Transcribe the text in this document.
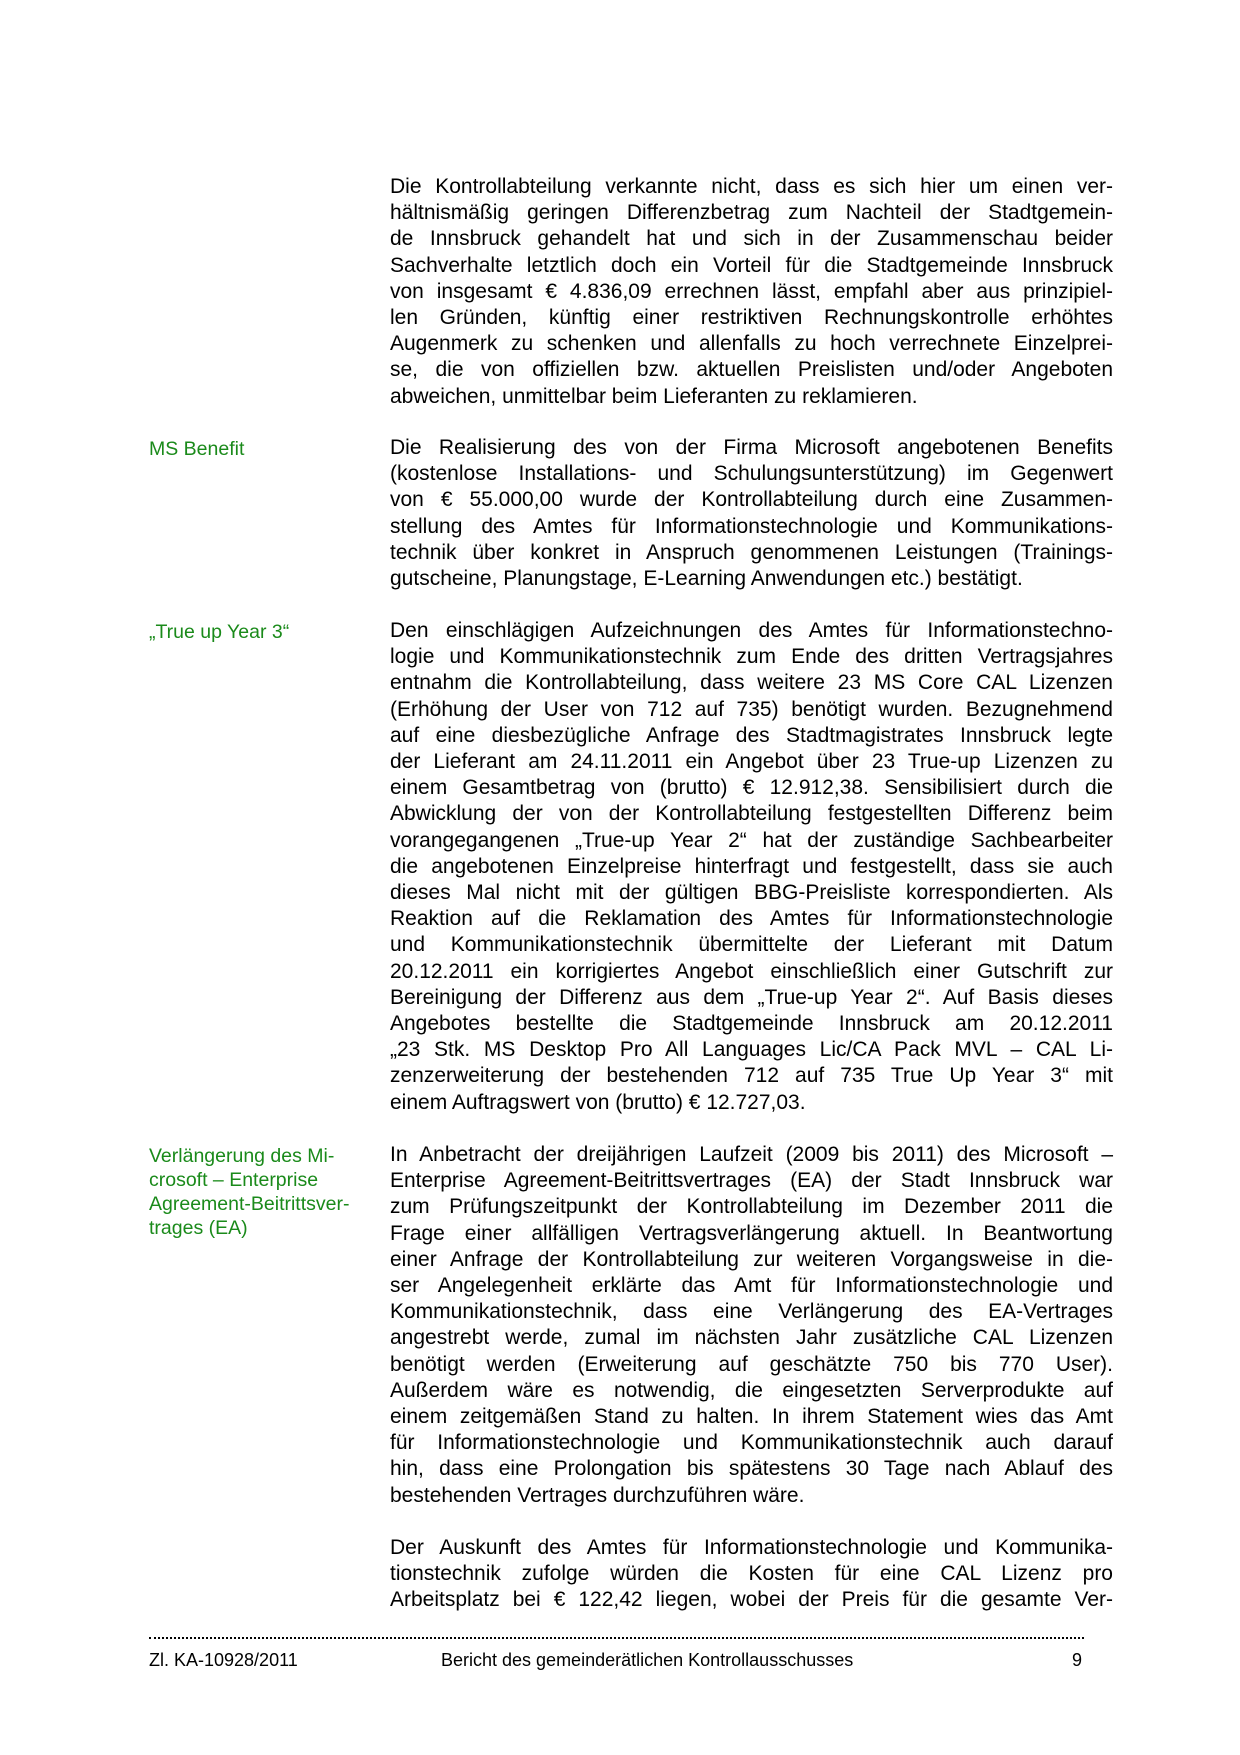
Die Kontrollabteilung verkannte nicht, dass es sich hier um einen ver-
hältnismäßig geringen Differenzbetrag zum Nachteil der Stadtgemein-
de Innsbruck gehandelt hat und sich in der Zusammenschau beider
Sachverhalte letztlich doch ein Vorteil für die Stadtgemeinde Innsbruck
von insgesamt € 4.836,09 errechnen lässt, empfahl aber aus prinzipiel-
len Gründen, künftig einer restriktiven Rechnungskontrolle erhöhtes
Augenmerk zu schenken und allenfalls zu hoch verrechnete Einzelprei-
se, die von offiziellen bzw. aktuellen Preislisten und/oder Angeboten
abweichen, unmittelbar beim Lieferanten zu reklamieren.
MS Benefit	Die Realisierung des von der Firma Microsoft angebotenen Benefits
(kostenlose Installations- und Schulungsunterstützung) im Gegenwert
von € 55.000,00 wurde der Kontrollabteilung durch eine Zusammen-
stellung des Amtes für Informationstechnologie und Kommunikations-
technik über konkret in Anspruch genommenen Leistungen (Trainings-
gutscheine, Planungstage, E-Learning Anwendungen etc.) bestätigt.
„True up Year 3“	Den einschlägigen Aufzeichnungen des Amtes für Informationstechno-
logie und Kommunikationstechnik zum Ende des dritten Vertragsjahres
entnahm die Kontrollabteilung, dass weitere 23 MS Core CAL Lizenzen
(Erhöhung der User von 712 auf 735) benötigt wurden. Bezugnehmend
auf eine diesbezügliche Anfrage des Stadtmagistrates Innsbruck legte
der Lieferant am 24.11.2011 ein Angebot über 23 True-up Lizenzen zu
einem Gesamtbetrag von (brutto) € 12.912,38. Sensibilisiert durch die
Abwicklung der von der Kontrollabteilung festgestellten Differenz beim
vorangegangenen „True-up Year 2“ hat der zuständige Sachbearbeiter
die angebotenen Einzelpreise hinterfragt und festgestellt, dass sie auch
dieses Mal nicht mit der gültigen BBG-Preisliste korrespondierten. Als
Reaktion auf die Reklamation des Amtes für Informationstechnologie
und Kommunikationstechnik übermittelte der Lieferant mit Datum
20.12.2011 ein korrigiertes Angebot einschließlich einer Gutschrift zur
Bereinigung der Differenz aus dem „True-up Year 2“. Auf Basis dieses
Angebotes bestellte die Stadtgemeinde Innsbruck am 20.12.2011
„23 Stk. MS Desktop Pro All Languages Lic/CA Pack MVL – CAL Li-
zenzerweiterung der bestehenden 712 auf 735 True Up Year 3“ mit
einem Auftragswert von (brutto) € 12.727,03.
Verlängerung des Mi-
crosoft – Enterprise
Agreement-Beitrittsver-
trages (EA)
In Anbetracht der dreijährigen Laufzeit (2009 bis 2011) des Microsoft –
Enterprise Agreement-Beitrittsvertrages (EA) der Stadt Innsbruck war
zum Prüfungszeitpunkt der Kontrollabteilung im Dezember 2011 die
Frage einer allfälligen Vertragsverlängerung aktuell. In Beantwortung
einer Anfrage der Kontrollabteilung zur weiteren Vorgangsweise in die-
ser Angelegenheit erklärte das Amt für Informationstechnologie und
Kommunikationstechnik, dass eine Verlängerung des EA-Vertrages
angestrebt werde, zumal im nächsten Jahr zusätzliche CAL Lizenzen
benötigt werden (Erweiterung auf geschätzte 750 bis 770 User).
Außerdem wäre es notwendig, die eingesetzten Serverprodukte auf
einem zeitgemäßen Stand zu halten. In ihrem Statement wies das Amt
für Informationstechnologie und Kommunikationstechnik auch darauf
hin, dass eine Prolongation bis spätestens 30 Tage nach Ablauf des
bestehenden Vertrages durchzuführen wäre.
Der Auskunft des Amtes für Informationstechnologie und Kommunika-
tionstechnik zufolge würden die Kosten für eine CAL Lizenz pro
Arbeitsplatz bei € 122,42 liegen, wobei der Preis für die gesamte Ver-
Zl. KA-10928/2011	Bericht des gemeinderätlichen Kontrollausschusses	9
